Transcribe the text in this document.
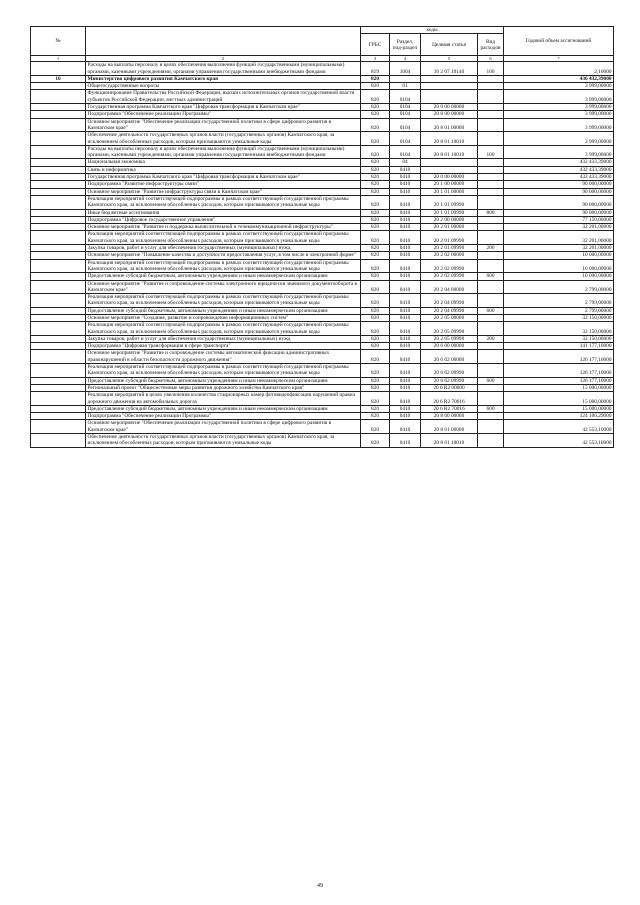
№		коды				Годовой объем ассигнований
		ГРБС	Раздел, под-раздел	Целевая статья	Вид расходов	
1	2	3	4	5	6	7
	Расходы на выплаты персоналу в целях обеспечения выполнения функций государственными (муниципальными) органами, казенными учреждениями, органами управления государственными внебюджетными фондами	819	1004	16 2 07 10140	100	2,10000
16	Министерство цифрового развития Камчатского края	820				436 432,39000
	Общегосударственные вопросы	820	01			3 999,00000
	Функционирование Правительства Российской Федерации, высших исполнительных органов государственной власти субъектов Российской Федерации, местных администраций	820	0104			3 999,00000
	Государственная программа Камчатского края "Цифровая трансформация в Камчатском крае"	820	0104	20 0 00 00000		3 999,00000
	Подпрограмма "Обеспечение реализации Программы"	820	0104	20 8 00 00000		3 999,00000
	Основное мероприятие "Обеспечение реализации государственной политики в сфере цифрового развития в Камчатском крае"	820	0104	20 8 01 00000		3 999,00000
	Обеспечение деятельности государственных органов власти (государственных органов) Камчатского края, за исключением обособленных расходов, которым присваиваются уникальные коды	820	0104	20 8 01 10010		3 999,00000
	Расходы на выплаты персоналу в целях обеспечения выполнения функций государственными (муниципальными) органами, казенными учреждениями, органами управления государственными внебюджетными фондами	820	0104	20 8 01 10010	100	3 999,00000
	Национальная экономика	820	04			432 433,39000
	Связь и информатика	820	0410			432 433,39000
	Государственная программа Камчатского края "Цифровая трансформация в Камчатском крае"	820	0410	20 0 00 00000		432 433,39000
	Подпрограмма "Развитие инфраструктуры связи"	820	0410	20 1 00 00000		90 000,00000
	Основное мероприятие "Развитие инфраструктуры связи в Камчатском крае"	820	0410	20 1 01 00000		90 000,00000
	Реализация мероприятий соответствующей подпрограммы в рамках соответствующей государственной программы Камчатского края, за исключением обособленных расходов, которым присваиваются уникальные коды	820	0410	20 1 01 09990		90 000,00000
	Иные бюджетные ассигнования	820	0410	20 1 01 09990	800	90 000,00000
	Подпрограмма "Цифровое государственное управление"	820	0410	20 2 00 00000		77 150,00000
	Основное мероприятие "Развитие и поддержка вычислительной и телекоммуникационной инфраструктуры"	820	0410	20 2 01 00000		32 201,00000
	Реализация мероприятий соответствующей подпрограммы в рамках соответствующей государственной программы Камчатского края, за исключением обособленных расходов, которым присваиваются уникальные коды	820	0410	20 2 01 09990		32 201,00000
	Закупка товаров, работ и услуг для обеспечения государственных (муниципальных) нужд	820	0410	20 2 01 09990	200	32 201,00000
	Основное мероприятие "Повышение качества и доступности предоставления услуг, в том числе в электронной форме"	820	0410	20 2 02 00000		10 000,00000
	Реализация мероприятий соответствующей подпрограммы в рамках соответствующей государственной программы Камчатского края, за исключением обособленных расходов, которым присваиваются уникальные коды	820	0410	20 2 02 09990		10 000,00000
	Предоставление субсидий бюджетным, автономным учреждениям и иным некоммерческим организациям	820	0410	20 2 02 09990	600	10 000,00000
	Основное мероприятие "Развитие и сопровождение системы электронного юридически значимого документооборота в Камчатском крае"	820	0410	20 2 04 00000		2 799,00000
	Реализация мероприятий соответствующей подпрограммы в рамках соответствующей государственной программы Камчатского края, за исключением обособленных расходов, которым присваиваются уникальные коды	820	0410	20 2 04 09990		2 799,00000
	Предоставление субсидий бюджетным, автономным учреждениям и иным некоммерческим организациям	820	0410	20 2 04 09990	600	2 799,00000
	Основное мероприятие "Создание, развитие и сопровождение информационных систем"	820	0410	20 2 05 00000		32 150,00000
	Реализация мероприятий соответствующей подпрограммы в рамках соответствующей государственной программы Камчатского края, за исключением обособленных расходов, которым присваиваются уникальные коды	820	0410	20 2 05 09990		32 150,00000
	Закупка товаров, работ и услуг для обеспечения государственных (муниципальных) нужд	820	0410	20 2 05 09990	200	32 150,00000
	Подпрограмма "Цифровая трансформация в сфере транспорта"	820	0410	20 6 00 00000		141 177,10000
	Основное мероприятие "Развитие и сопровождение системы автоматической фиксации административных правонарушений в области безопасности дорожного движения"	820	0410	20 6 02 00000		126 177,10000
	Реализация мероприятий соответствующей подпрограммы в рамках соответствующей государственной программы Камчатского края, за исключением обособленных расходов, которым присваиваются уникальные коды	820	0410	20 6 02 09990		126 177,10000
	Предоставление субсидий бюджетным, автономным учреждениям и иным некоммерческим организациям	820	0410	20 6 02 09990	600	126 177,10000
	Региональный проект "Общесистемные меры развития дорожного хозяйства Камчатского края"	820	0410	20 6 R2 00000		15 000,00000
	Реализация мероприятий в целях увеличения количества стационарных камер фотовидеофиксации нарушений правил дорожного движения на автомобильных дорогах	820	0410	20 6 R2 70016		15 000,00000
	Предоставление субсидий бюджетным, автономным учреждениям и иным некоммерческим организациям	820	0410	20 6 R2 70016	600	15 000,00000
	Подпрограмма "Обеспечение реализации Программы"	820	0410	20 8 00 00000		124 106,29000
	Основное мероприятие "Обеспечение реализации государственной политики в сфере цифрового развития в Камчатском крае"	820	0410	20 8 01 00000		42 553,10000
	Обеспечение деятельности государственных органов власти (государственных органов) Камчатского края, за исключением обособленных расходов, которым присваиваются уникальные коды	820	0410	20 8 01 10010		42 553,10000
49
